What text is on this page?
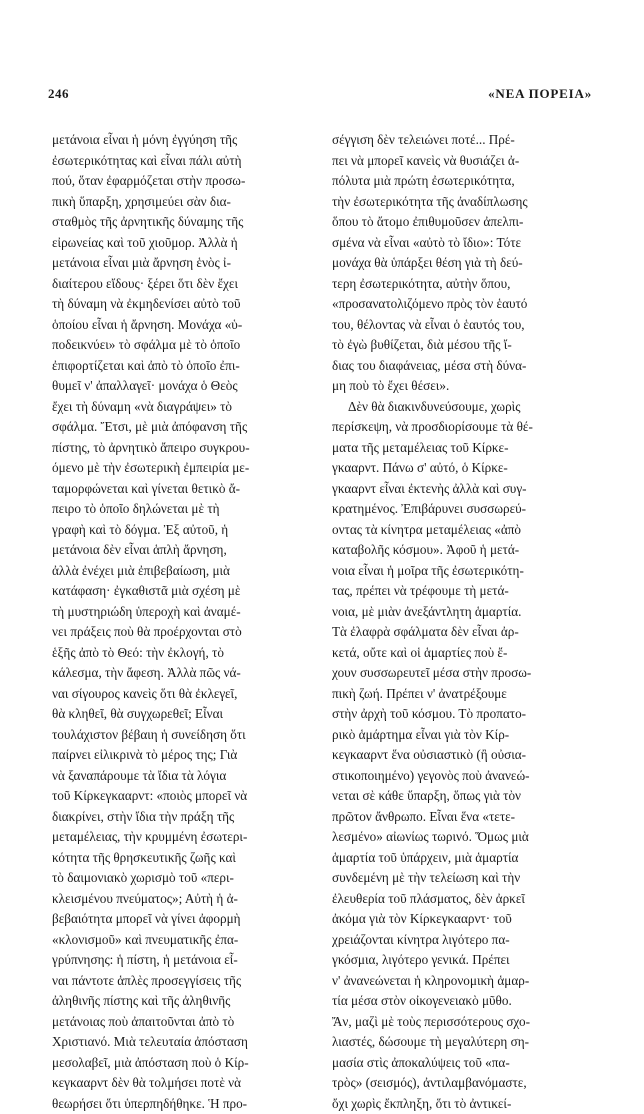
246	«ΝΕΑ ΠΟΡΕΙΑ»
μετάνοια εἶναι ἡ μόνη ἐγγύηση τῆς
ἐσωτερικότητας καὶ εἶναι πάλι αὐτὴ
πού, ὅταν ἐφαρμόζεται στὴν προσω-
πικὴ ὕπαρξη, χρησιμεύει σὰν δια-
σταθμὸς τῆς ἀρνητικῆς δύναμης τῆς
εἰρωνείας καὶ τοῦ χιοῦμορ. Ἀλλὰ ἡ
μετάνοια εἶναι μιὰ ἄρνηση ἑνὸς ἰ-
διαίτερου εἴδους· ξέρει ὅτι δὲν ἔχει
τὴ δύναμη νὰ ἐκμηδενίσει αὐτὸ τοῦ
ὁποίου εἶναι ἡ ἄρνηση. Μονάχα «ὑ-
ποδεικνύει» τὸ σφάλμα μὲ τὸ ὁποῖο
ἐπιφορτίζεται καὶ ἀπὸ τὸ ὁποῖο ἐπι-
θυμεῖ ν' ἀπαλλαγεῖ· μονάχα ὁ Θεὸς
ἔχει τὴ δύναμη «νὰ διαγράψει» τὸ
σφάλμα. Ἔτσι, μὲ μιὰ ἀπόφανση τῆς
πίστης, τὸ ἀρνητικὸ ἄπειρο συγκρου-
όμενο μὲ τὴν ἐσωτερικὴ ἐμπειρία με-
ταμορφώνεται καὶ γίνεται θετικὸ ἄ-
πειρο τὸ ὁποῖο δηλώνεται μὲ τὴ
γραφὴ καὶ τὸ δόγμα. Ἐξ αὐτοῦ, ἡ
μετάνοια δὲν εἶναι ἁπλὴ ἄρνηση,
ἀλλὰ ἐνέχει μιὰ ἐπιβεβαίωση, μιὰ
κατάφαση· ἐγκαθιστᾶ μιὰ σχέση μὲ
τὴ μυστηριώδη ὑπεροχὴ καὶ ἀναμέ-
νει πράξεις ποὺ θὰ προέρχονται στὸ
ἑξῆς ἀπὸ τὸ Θεό: τὴν ἐκλογή, τὸ
κάλεσμα, τὴν ἄφεση. Ἀλλὰ πῶς νά-
ναι σίγουρος κανεὶς ὅτι θὰ ἐκλεγεῖ,
θὰ κληθεῖ, θὰ συγχωρεθεῖ; Εἶναι
τουλάχιστον βέβαιη ἡ συνείδηση ὅτι
παίρνει εἰλικρινὰ τὸ μέρος της; Γιὰ
νὰ ξαναπάρουμε τὰ ἴδια τὰ λόγια
τοῦ Κίρκεγκααρντ: «ποιὸς μπορεῖ νὰ
διακρίνει, στὴν ἴδια τὴν πράξη τῆς
μεταμέλειας, τὴν κρυμμένη ἐσωτερι-
κότητα τῆς θρησκευτικῆς ζωῆς καὶ
τὸ δαιμονιακὸ χωρισμὸ τοῦ «περι-
κλεισμένου πνεύματος»; Αὐτὴ ἡ ἀ-
βεβαιότητα μπορεῖ νὰ γίνει ἀφορμὴ
«κλονισμοῦ» καὶ πνευματικῆς ἐπα-
γρύπνησης: ἡ πίστη, ἡ μετάνοια εἶ-
ναι πάντοτε ἁπλὲς προσεγγίσεις τῆς
ἀληθινῆς πίστης καὶ τῆς ἀληθινῆς
μετάνοιας ποὺ ἀπαιτοῦνται ἀπὸ τὸ
Χριστιανό. Μιὰ τελευταία ἀπόσταση
μεσολαβεῖ, μιὰ ἀπόσταση ποὺ ὁ Κίρ-
κεγκααρντ δὲν θὰ τολμήσει ποτὲ νὰ
θεωρήσει ὅτι ὑπερπηδήθηκε. Ἡ προ-
σέγγιση δὲν τελειώνει ποτέ... Πρέ-
πει νὰ μπορεῖ κανεὶς νὰ θυσιάζει ἀ-
πόλυτα μιὰ πρώτη ἐσωτερικότητα,
τὴν ἐσωτερικότητα τῆς ἀναδίπλωσης
ὅπου τὸ ἄτομο ἐπιθυμοῦσεν ἀπελπι-
σμένα νὰ εἶναι «αὐτὸ τὸ ἴδιο»: Τότε
μονάχα θὰ ὑπάρξει θέση γιὰ τὴ δεύ-
τερη ἐσωτερικότητα, αὐτὴν ὅπου,
«προσανατολιζόμενο πρὸς τὸν ἑαυτό
του, θέλοντας νὰ εἶναι ὁ ἑαυτός του,
τὸ ἐγὼ βυθίζεται, διὰ μέσου τῆς ἴ-
διας του διαφάνειας, μέσα στὴ δύνα-
μη ποὺ τὸ ἔχει θέσει».
Δὲν θὰ διακινδυνεύσουμε, χωρὶς
περίσκεψη, νὰ προσδιορίσουμε τὰ θέ-
ματα τῆς μεταμέλειας τοῦ Κίρκε-
γκααρντ. Πάνω σ' αὐτό, ὁ Κίρκε-
γκααρντ εἶναι ἐκτενὴς ἀλλὰ καὶ συγ-
κρατημένος. Ἐπιβάρυνει συσσωρεύ-
οντας τὰ κίνητρα μεταμέλειας «ἀπὸ
καταβολῆς κόσμου». Ἀφοῦ ἡ μετά-
νοια εἶναι ἡ μοῖρα τῆς ἐσωτερικότη-
τας, πρέπει νὰ τρέφουμε τὴ μετά-
νοια, μὲ μιὰν ἀνεξάντλητη ἁμαρτία.
Τὰ ἐλαφρὰ σφάλματα δὲν εἶναι ἀρ-
κετά, οὔτε καὶ οἱ ἁμαρτίες ποὺ ἔ-
χουν συσσωρευτεῖ μέσα στὴν προσω-
πικὴ ζωή. Πρέπει ν' ἀνατρέξουμε
στὴν ἀρχὴ τοῦ κόσμου. Τὸ προπατο-
ρικὸ ἁμάρτημα εἶναι γιὰ τὸν Κίρ-
κεγκααρντ ἕνα οὐσιαστικὸ (ἢ οὐσια-
στικοποιημένο) γεγονὸς ποὺ ἀνανεώ-
νεται σὲ κάθε ὕπαρξη, ὅπως γιὰ τὸν
πρῶτον ἄνθρωπο. Εἶναι ἕνα «τετε-
λεσμένο» αἰωνίως τωρινό. Ὅμως μιὰ
ἁμαρτία τοῦ ὑπάρχειν, μιὰ ἁμαρτία
συνδεμένη μὲ τὴν τελείωση καὶ τὴν
ἐλευθερία τοῦ πλάσματος, δὲν ἀρκεῖ
ἀκόμα γιὰ τὸν Κίρκεγκααρντ· τοῦ
χρειάζονται κίνητρα λιγότερο πα-
γκόσμια, λιγότερο γενικά. Πρέπει
ν' ἀνανεώνεται ἡ κληρονομικὴ ἁμαρ-
τία μέσα στὸν οἰκογενειακὸ μῦθο.
Ἄν, μαζὶ μὲ τοὺς περισσότερους σχο-
λιαστές, δώσουμε τὴ μεγαλύτερη ση-
μασία στὶς ἀποκαλύψεις τοῦ «πα-
τρὸς» (σεισμός), ἀντιλαμβανόμαστε,
ὄχι χωρὶς ἔκπληξη, ὅτι τὸ ἀντικεί-
